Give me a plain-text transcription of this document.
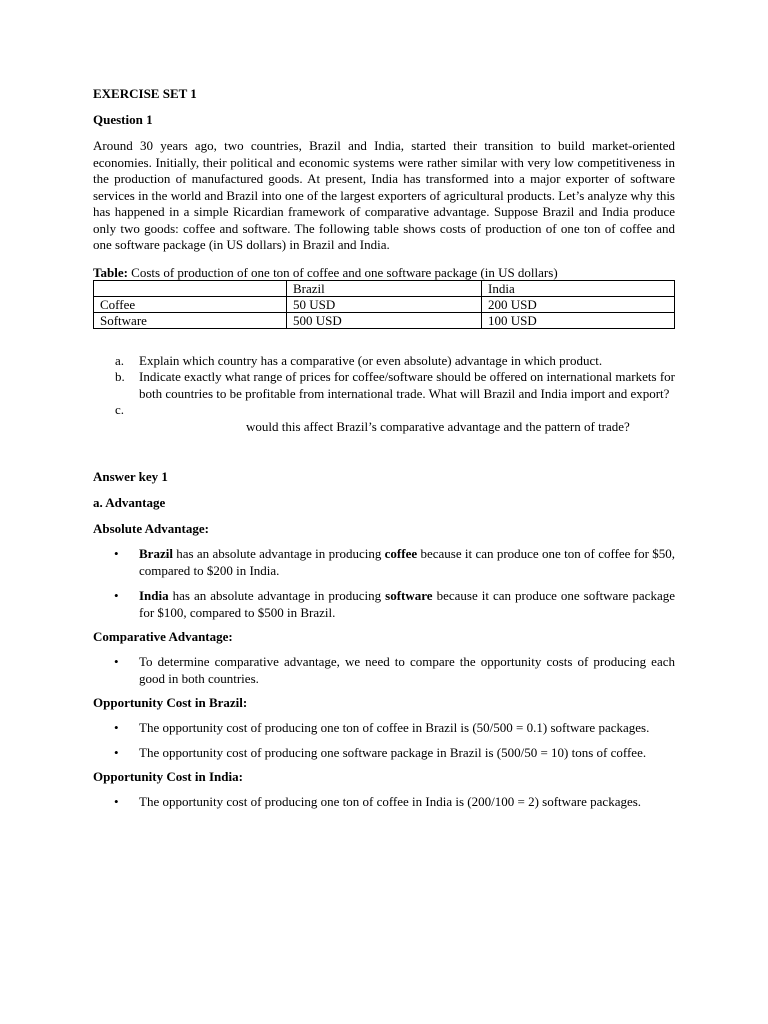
EXERCISE SET 1

Question 1

Around 30 years ago, two countries, Brazil and India, started their transition to build market-oriented economies. Initially, their political and economic systems were rather similar with very low competitiveness in the production of manufactured goods. At present, India has transformed into a major exporter of software services in the world and Brazil into one of the largest exporters of agricultural products. Let’s analyze why this has happened in a simple Ricardian framework of comparative advantage. Suppose Brazil and India produce only two goods: coffee and software. The following table shows costs of production of one ton of coffee and one software package (in US dollars) in Brazil and India.

Table: Costs of production of one ton of coffee and one software package (in US dollars)
	Brazil	India
Coffee	50 USD	200 USD
Software	500 USD	100 USD
a. Explain which country has a comparative (or even absolute) advantage in which product.
b. Indicate exactly what range of prices for coffee/software should be offered on international markets for both countries to be profitable from international trade. What will Brazil and India import and export?
c.

would this affect Brazil’s comparative advantage and the pattern of trade?

Answer key 1

a. Advantage

Absolute Advantage:

• Brazil has an absolute advantage in producing coffee because it can produce one ton of coffee for $50, compared to $200 in India.
• India has an absolute advantage in producing software because it can produce one software package for $100, compared to $500 in Brazil.

Comparative Advantage:

• To determine comparative advantage, we need to compare the opportunity costs of producing each good in both countries.

Opportunity Cost in Brazil:

• The opportunity cost of producing one ton of coffee in Brazil is (50/500 = 0.1) software packages.
• The opportunity cost of producing one software package in Brazil is (500/50 = 10) tons of coffee.

Opportunity Cost in India:

• The opportunity cost of producing one ton of coffee in India is (200/100 = 2) software packages.
